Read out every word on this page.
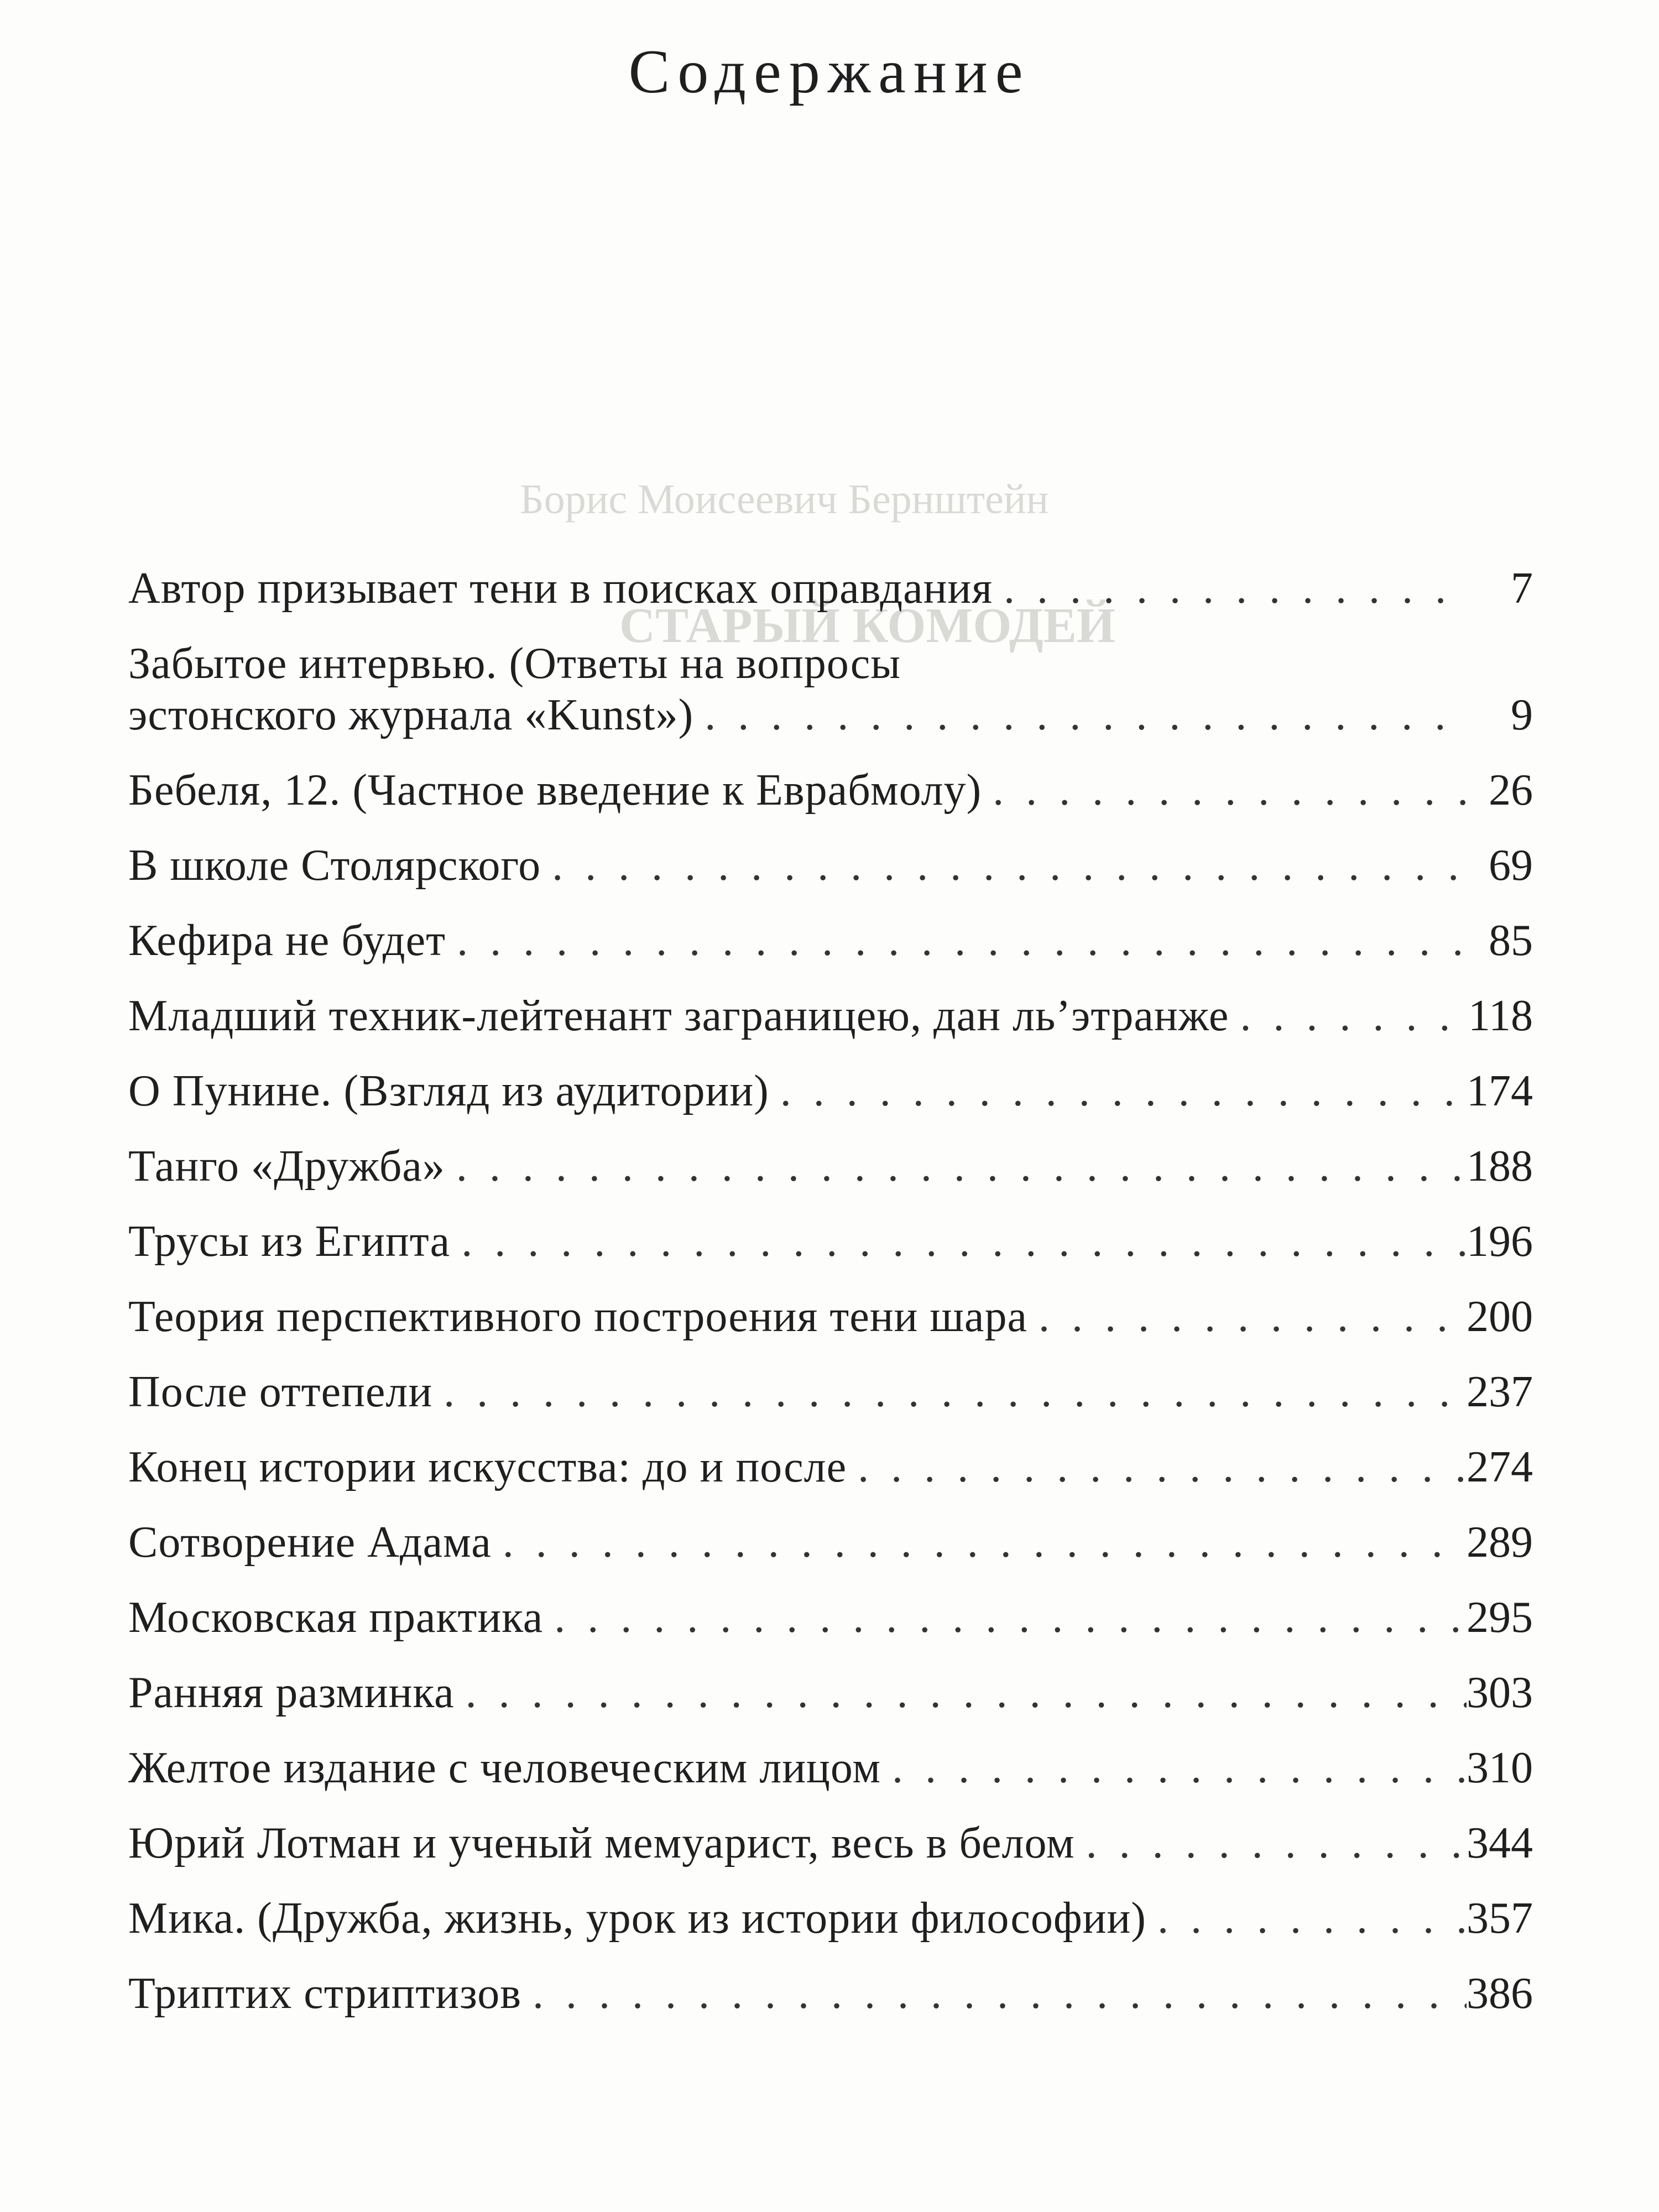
Борис Моисеевич Бернштейн
СТАРЫЙ КОМОДЕЙ
Содержание
Автор призывает тени в поисках оправдания . . .	7
Забытое интервью. (Ответы на вопросы
эстонского журнала «Kunst») . . .	9
Бебеля, 12. (Частное введение к Еврабмолу) . . .	26
В школе Столярского . . .	69
Кефира не будет . . .	85
Младший техник-лейтенант заграницею, дан ль’этранже . . .	118
О Пунине. (Взгляд из аудитории) . . .	174
Танго «Дружба» . . .	188
Трусы из Египта . . .	196
Теория перспективного построения тени шара . . .	200
После оттепели . . .	237
Конец истории искусства: до и после . . .	274
Сотворение Адама . . .	289
Московская практика . . .	295
Ранняя разминка . . .	303
Желтое издание с человеческим лицом . . .	310
Юрий Лотман и ученый мемуарист, весь в белом . . .	344
Мика. (Дружба, жизнь, урок из истории философии) . . .	357
Триптих стриптизов . . .	386
